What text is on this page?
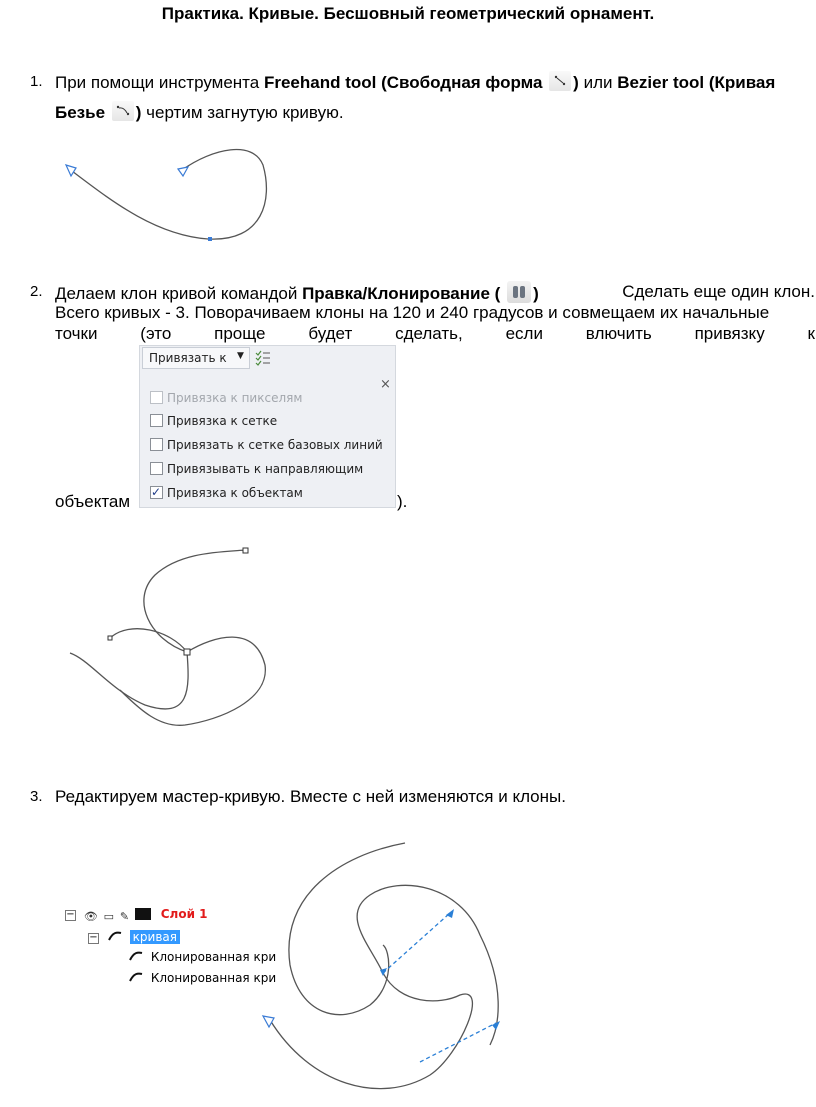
Практика. Кривые. Бесшовный геометрический орнамент.
1. При помощи инструмента Freehand tool (Свободная форма ) или Bezier tool (Кривая
Безье ) чертим загнутую кривую.
2. Делаем клон кривой командой Правка/Клонирование ( )	Сделать еще один клон.
Всего кривых - 3. Поворачиваем клоны на 120 и 240 градусов и совмещаем их начальные
точки	(это	проще	будет	сделать,	если	влючить	привязку	к
Привязать к ▼
×
Привязка к пикселям
Привязка к сетке
Привязать к сетке базовых линий
Привязывать к направляющим
✓ Привязка к объектам
объектам	).
3. Редактируем мастер-кривую. Вместе с ней изменяются и клоны.
− 👁 ▭ ✎	Слой 1
−	кривая
Клонированная кри
Клонированная кри
